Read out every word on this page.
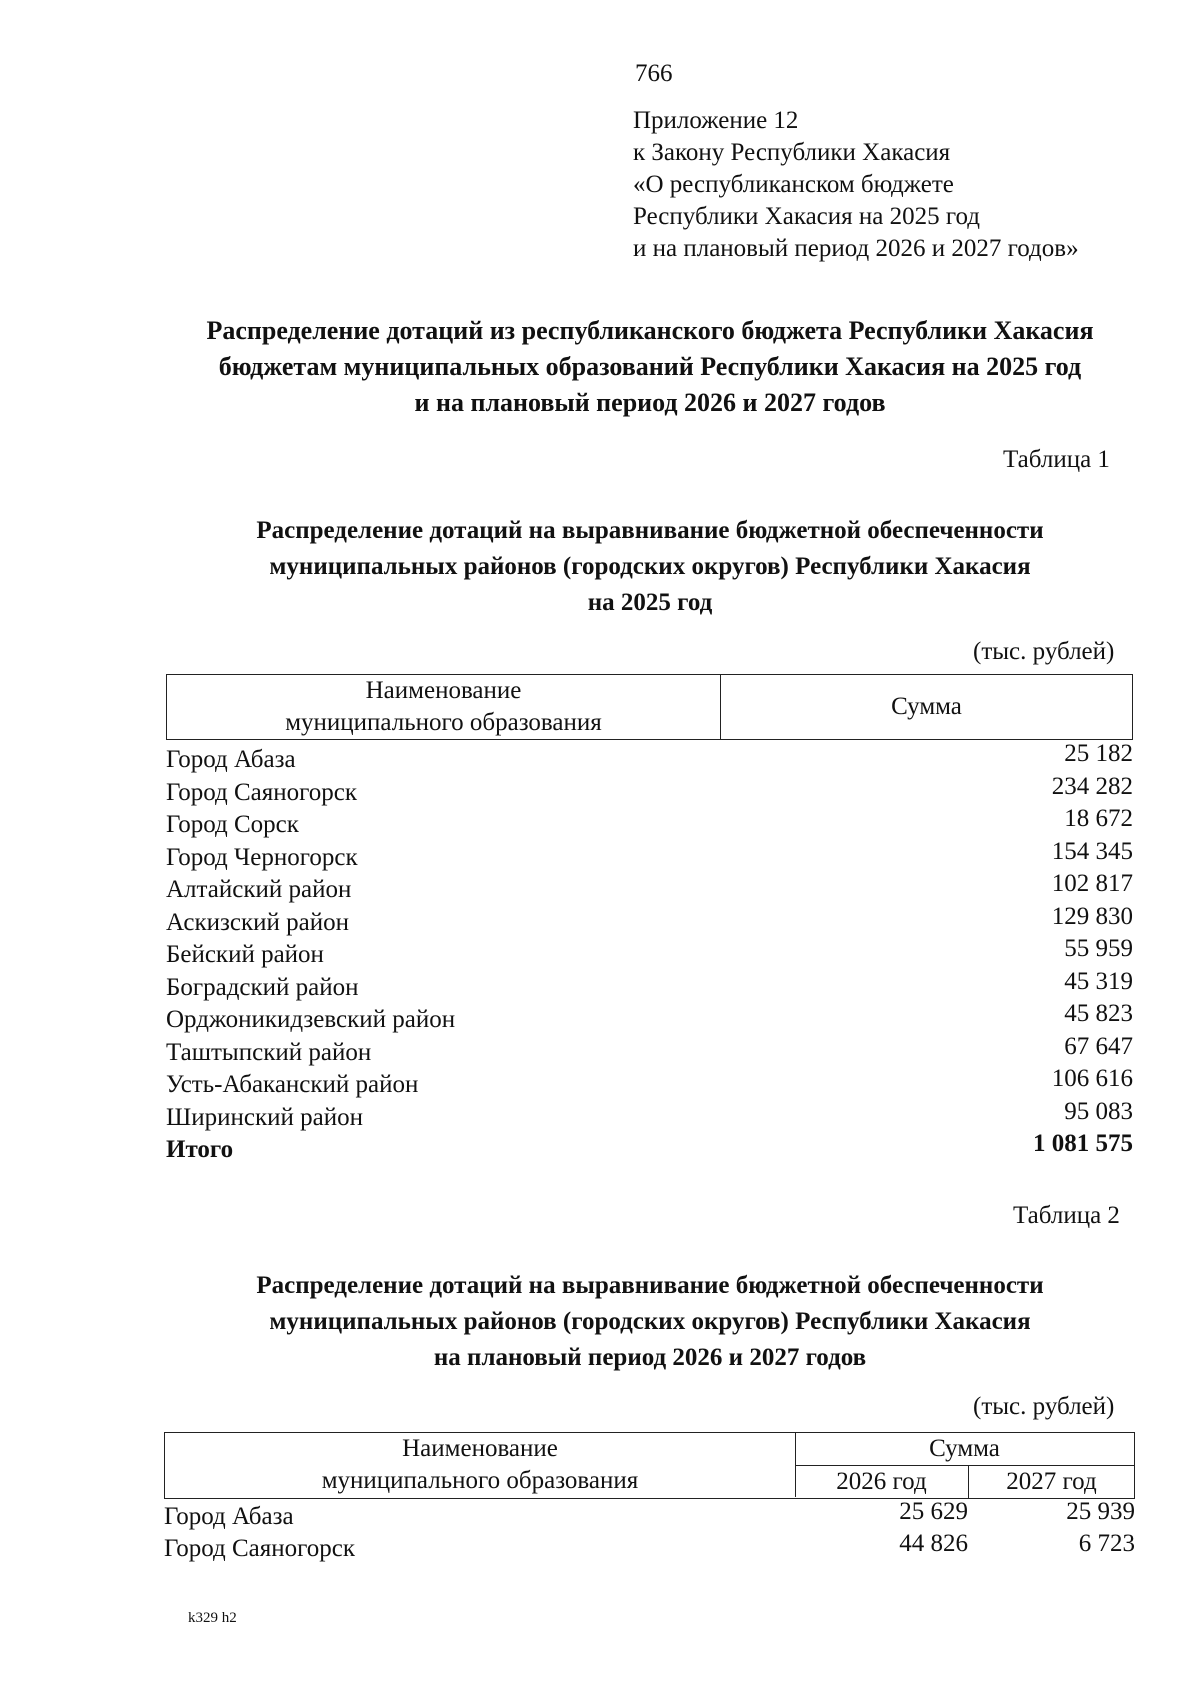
766
Приложение 12
к Закону Республики Хакасия
«О республиканском бюджете
Республики Хакасия на 2025 год
и на плановый период 2026 и 2027 годов»
Распределение дотаций из республиканского бюджета Республики Хакасия
бюджетам муниципальных образований Республики Хакасия на 2025 год
и на плановый период 2026 и 2027 годов
Таблица 1
Распределение дотаций на выравнивание бюджетной обеспеченности
муниципальных районов (городских округов) Республики Хакасия
на 2025 год
(тыс. рублей)
Наименование
муниципального образования
Сумма
Город Абаза	25 182
Город Саяногорск	234 282
Город Сорск	18 672
Город Черногорск	154 345
Алтайский район	102 817
Аскизский район	129 830
Бейский район	55 959
Боградский район	45 319
Орджоникидзевский район	45 823
Таштыпский район	67 647
Усть-Абаканский район	106 616
Ширинский район	95 083
Итого	1 081 575
Таблица 2
Распределение дотаций на выравнивание бюджетной обеспеченности
муниципальных районов (городских округов) Республики Хакасия
на плановый период 2026 и 2027 годов
(тыс. рублей)
Наименование
муниципального образования
Сумма
2026 год	2027 год
Город Абаза	25 629	25 939
Город Саяногорск	44 826	6 723
k329 h2
